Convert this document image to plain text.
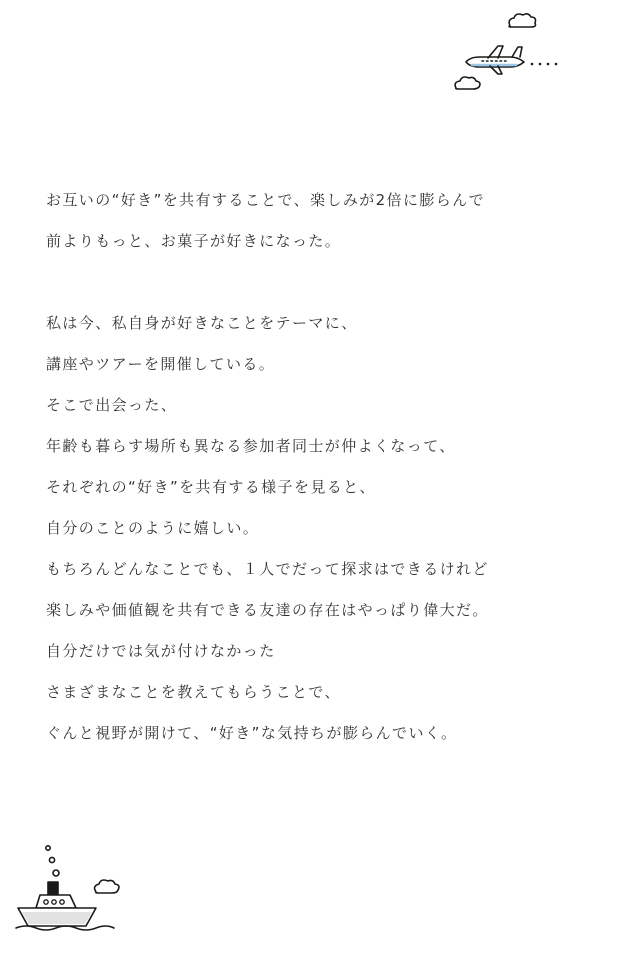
お互いの“好き”を共有することで、楽しみが2倍に膨らんで
前よりもっと、お菓子が好きになった。

私は今、私自身が好きなことをテーマに、
講座やツアーを開催している。
そこで出会った、
年齢も暮らす場所も異なる参加者同士が仲よくなって、
それぞれの“好き”を共有する様子を見ると、
自分のことのように嬉しい。
もちろんどんなことでも、１人でだって探求はできるけれど
楽しみや価値観を共有できる友達の存在はやっぱり偉大だ。
自分だけでは気が付けなかった
さまざまなことを教えてもらうことで、
ぐんと視野が開けて、“好き”な気持ちが膨らんでいく。
